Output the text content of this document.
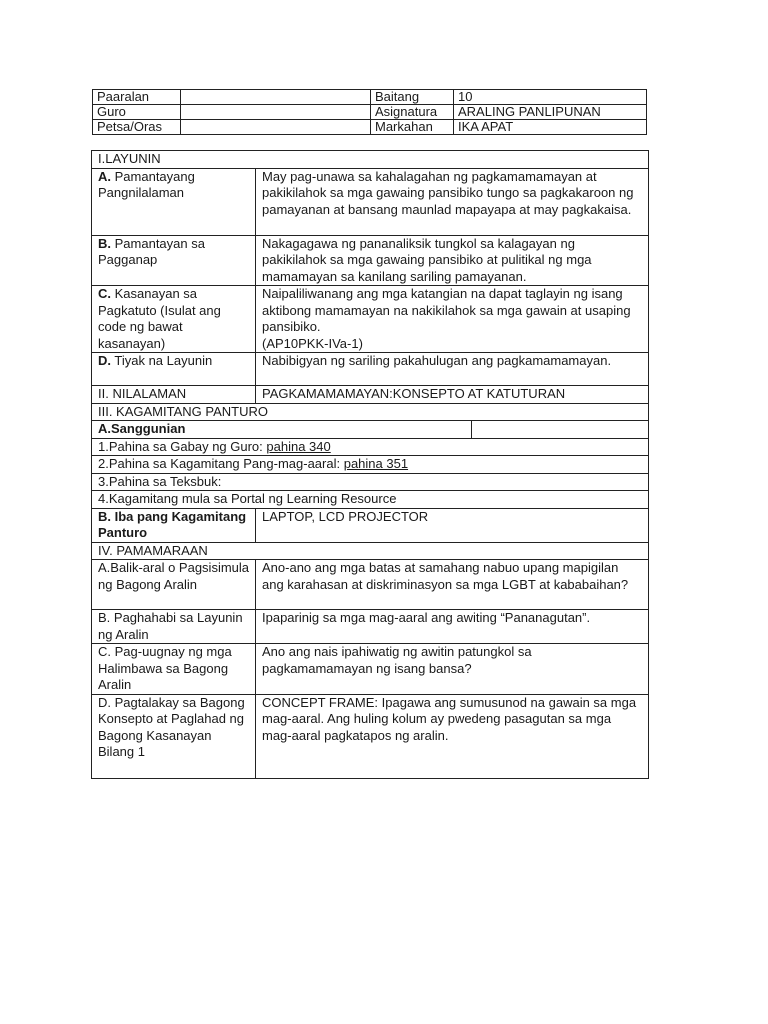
Paaralan		Baitang	10
Guro		Asignatura	ARALING PANLIPUNAN
Petsa/Oras		Markahan	IKA APAT
I.LAYUNIN		
A. Pamantayang Pangnilalaman	May pag-unawa sa kahalagahan ng pagkamamamayan at pakikilahok sa mga gawaing pansibiko tungo sa pagkakaroon ng pamayanan at bansang maunlad mapayapa at may pagkakaisa.	
B. Pamantayan sa Pagganap	Nakagagawa ng pananaliksik tungkol sa kalagayan ng pakikilahok sa mga gawaing pansibiko at pulitikal ng mga mamamayan sa kanilang sariling pamayanan.	
C. Kasanayan sa Pagkatuto (Isulat ang code ng bawat kasanayan)	Naipaliliwanang ang mga katangian na dapat taglayin ng isang aktibong mamamayan na nakikilahok sa mga gawain at usaping pansibiko.
(AP10PKK-IVa-1)	
D. Tiyak na Layunin	Nabibigyan ng sariling pakahulugan ang pagkamamamayan.	
II. NILALAMAN	PAGKAMAMAMAYAN:KONSEPTO AT KATUTURAN	
III. KAGAMITANG PANTURO		
A.Sanggunian		
1.Pahina sa Gabay ng Guro: pahina 340		
2.Pahina sa Kagamitang Pang-mag-aaral: pahina 351		
3.Pahina sa Teksbuk:		
4.Kagamitang mula sa Portal ng Learning Resource		
B. Iba pang Kagamitang Panturo	LAPTOP, LCD PROJECTOR	
IV. PAMAMARAAN		
A.Balik-aral o Pagsisimula ng Bagong Aralin	Ano-ano ang mga batas at samahang nabuo upang mapigilan ang karahasan at diskriminasyon sa mga LGBT at kababaihan?	
B. Paghahabi sa Layunin ng Aralin	Ipaparinig sa mga mag-aaral ang awiting “Pananagutan”.	
C. Pag-uugnay ng mga Halimbawa sa Bagong Aralin	Ano ang nais ipahiwatig ng awitin patungkol sa pagkamamamayan ng isang bansa?	
D. Pagtalakay sa Bagong Konsepto at Paglahad ng Bagong Kasanayan Bilang 1	CONCEPT FRAME: Ipagawa ang sumusunod na gawain sa mga mag-aaral. Ang huling kolum ay pwedeng pasagutan sa mga mag-aaral pagkatapos ng aralin.	
